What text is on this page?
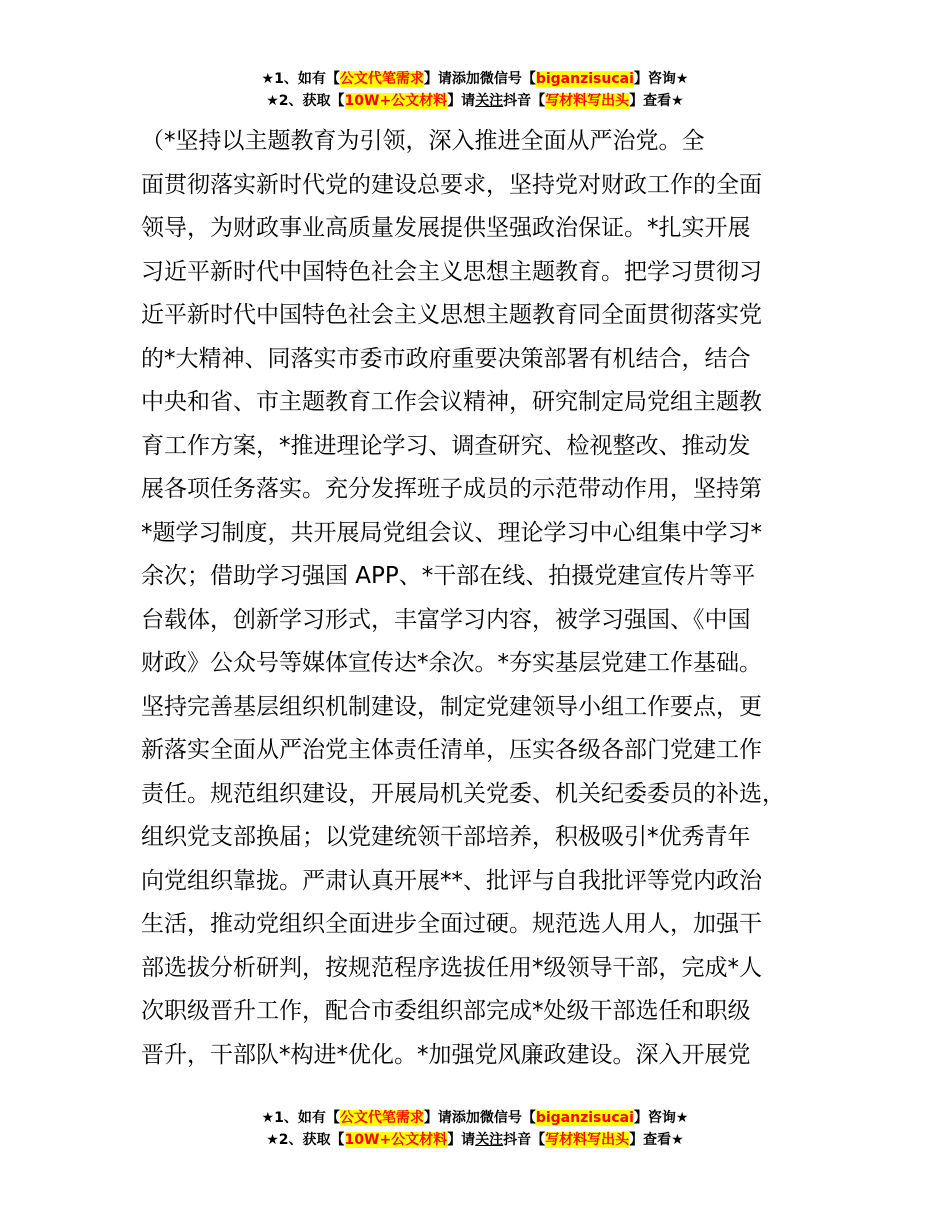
★1、如有【公文代笔需求】请添加微信号【biganzisucai】咨询★
★2、获取【10W+公文材料】请关注抖音【写材料写出头】查看★
（*坚持以主题教育为引领，深入推进全面从严治党。全
面贯彻落实新时代党的建设总要求，坚持党对财政工作的全面
领导，为财政事业高质量发展提供坚强政治保证。*扎实开展
习近平新时代中国特色社会主义思想主题教育。把学习贯彻习
近平新时代中国特色社会主义思想主题教育同全面贯彻落实党
的*大精神、同落实市委市政府重要决策部署有机结合，结合
中央和省、市主题教育工作会议精神，研究制定局党组主题教
育工作方案，*推进理论学习、调查研究、检视整改、推动发
展各项任务落实。充分发挥班子成员的示范带动作用，坚持第
*题学习制度，共开展局党组会议、理论学习中心组集中学习*
余次；借助学习强国 APP、*干部在线、拍摄党建宣传片等平
台载体，创新学习形式，丰富学习内容，被学习强国、《中国
财政》公众号等媒体宣传达*余次。*夯实基层党建工作基础。
坚持完善基层组织机制建设，制定党建领导小组工作要点，更
新落实全面从严治党主体责任清单，压实各级各部门党建工作
责任。规范组织建设，开展局机关党委、机关纪委委员的补选，
组织党支部换届；以党建统领干部培养，积极吸引*优秀青年
向党组织靠拢。严肃认真开展**、批评与自我批评等党内政治
生活，推动党组织全面进步全面过硬。规范选人用人，加强干
部选拔分析研判，按规范程序选拔任用*级领导干部，完成*人
次职级晋升工作，配合市委组织部完成*处级干部选任和职级
晋升，干部队*构进*优化。*加强党风廉政建设。深入开展党
★1、如有【公文代笔需求】请添加微信号【biganzisucai】咨询★
★2、获取【10W+公文材料】请关注抖音【写材料写出头】查看★
